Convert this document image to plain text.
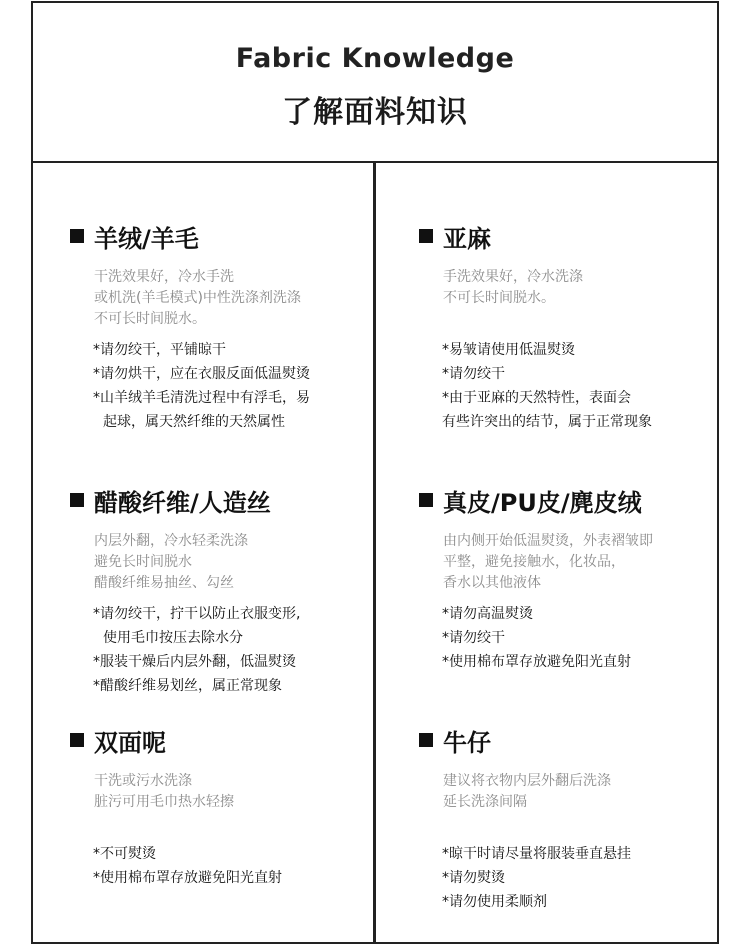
Fabric Knowledge
了解面料知识
羊绒/羊毛
干洗效果好，冷水手洗
或机洗(羊毛模式)中性洗涤剂洗涤
不可长时间脱水。
*请勿绞干，平铺晾干
*请勿烘干，应在衣服反面低温熨烫
*山羊绒羊毛清洗过程中有浮毛，易
起球，属天然纤维的天然属性
亚麻
手洗效果好，冷水洗涤
不可长时间脱水。
*易皱请使用低温熨烫
*请勿绞干
*由于亚麻的天然特性，表面会
有些许突出的结节，属于正常现象
醋酸纤维/人造丝
内层外翻，冷水轻柔洗涤
避免长时间脱水
醋酸纤维易抽丝、勾丝
*请勿绞干，拧干以防止衣服变形,
使用毛巾按压去除水分
*服装干燥后内层外翻，低温熨烫
*醋酸纤维易划丝，属正常现象
真皮/PU皮/麂皮绒
由内侧开始低温熨烫，外表褶皱即
平整，避免接触水，化妆品，
香水以其他液体
*请勿高温熨烫
*请勿绞干
*使用棉布罩存放避免阳光直射
双面呢
干洗或污水洗涤
脏污可用毛巾热水轻擦
*不可熨烫
*使用棉布罩存放避免阳光直射
牛仔
建议将衣物内层外翻后洗涤
延长洗涤间隔
*晾干时请尽量将服装垂直悬挂
*请勿熨烫
*请勿使用柔顺剂
